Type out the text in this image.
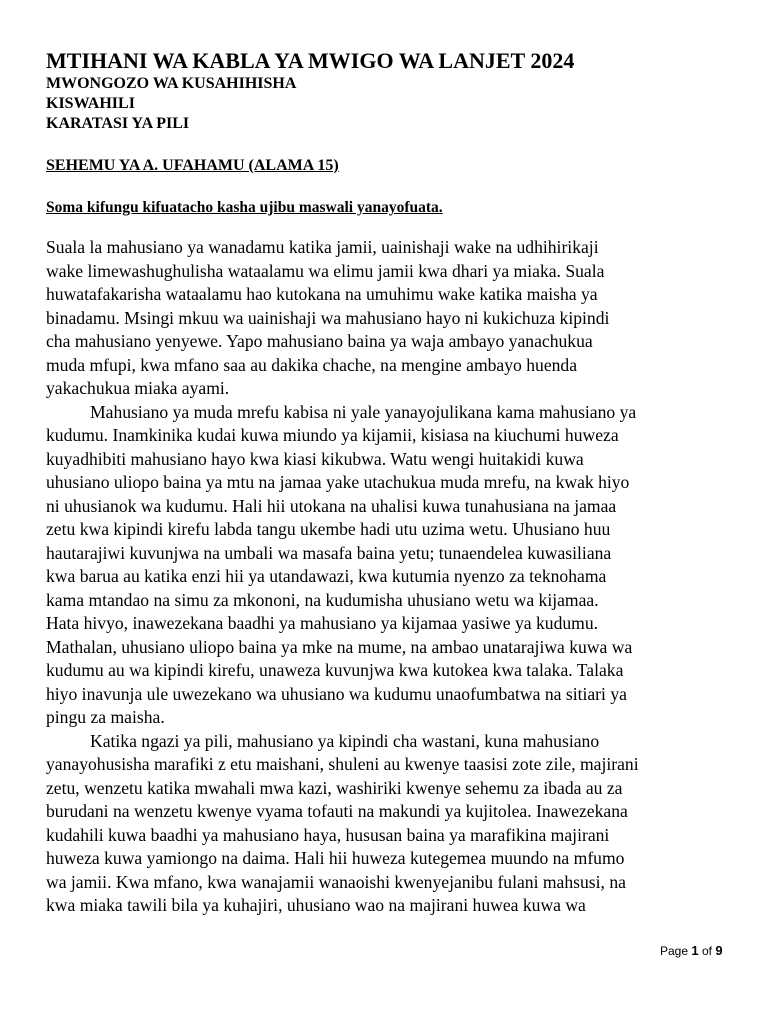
MTIHANI WA KABLA YA MWIGO WA LANJET 2024

MWONGOZO WA KUSAHIHISHA

KISWAHILI

KARATASI YA PILI

SEHEMU YA A. UFAHAMU (ALAMA 15)

Soma kifungu kifuatacho kasha ujibu maswali yanayofuata.

Suala la mahusiano ya wanadamu katika jamii, uainishaji wake na udhihirikaji

wake limewashughulisha wataalamu wa elimu jamii kwa dhari ya miaka. Suala

huwatafakarisha wataalamu hao kutokana na umuhimu wake katika maisha ya

binadamu. Msingi mkuu wa uainishaji wa mahusiano hayo ni kukichuza kipindi

cha mahusiano yenyewe. Yapo mahusiano baina ya waja ambayo yanachukua

muda mfupi, kwa mfano saa au dakika chache, na mengine ambayo huenda

yakachukua miaka ayami.

Mahusiano ya muda mrefu kabisa ni yale yanayojulikana kama mahusiano ya

kudumu. Inamkinika kudai kuwa miundo ya kijamii, kisiasa na kiuchumi huweza

kuyadhibiti mahusiano hayo kwa kiasi kikubwa. Watu wengi huitakidi kuwa

uhusiano uliopo baina ya mtu na jamaa yake utachukua muda mrefu, na kwak hiyo

ni uhusianok wa kudumu. Hali hii utokana na uhalisi kuwa tunahusiana na jamaa

zetu kwa kipindi kirefu labda tangu ukembe hadi utu uzima wetu. Uhusiano huu

hautarajiwi kuvunjwa na umbali wa masafa baina yetu; tunaendelea kuwasiliana

kwa barua au katika enzi hii ya utandawazi, kwa kutumia nyenzo za teknohama

kama mtandao na simu za mkononi, na kudumisha uhusiano wetu wa kijamaa.

Hata hivyo, inawezekana baadhi ya mahusiano ya kijamaa yasiwe ya kudumu.

Mathalan, uhusiano uliopo baina ya mke na mume, na ambao unatarajiwa kuwa wa

kudumu au wa kipindi kirefu, unaweza kuvunjwa kwa kutokea kwa talaka. Talaka

hiyo inavunja ule uwezekano wa uhusiano wa kudumu unaofumbatwa na sitiari ya

pingu za maisha.

Katika ngazi ya pili, mahusiano ya kipindi cha wastani, kuna mahusiano

yanayohusisha marafiki z etu maishani, shuleni au kwenye taasisi zote zile, majirani

zetu, wenzetu katika mwahali mwa kazi, washiriki kwenye sehemu za ibada au za

burudani na wenzetu kwenye vyama tofauti na makundi ya kujitolea. Inawezekana

kudahili kuwa baadhi ya mahusiano haya, hususan baina ya marafikina majirani

huweza kuwa yamiongo na daima. Hali hii huweza kutegemea muundo na mfumo

wa jamii. Kwa mfano, kwa wanajamii wanaoishi kwenyejanibu fulani mahsusi, na

kwa miaka tawili bila ya kuhajiri, uhusiano wao na majirani huwea kuwa wa

Page 1 of 9
